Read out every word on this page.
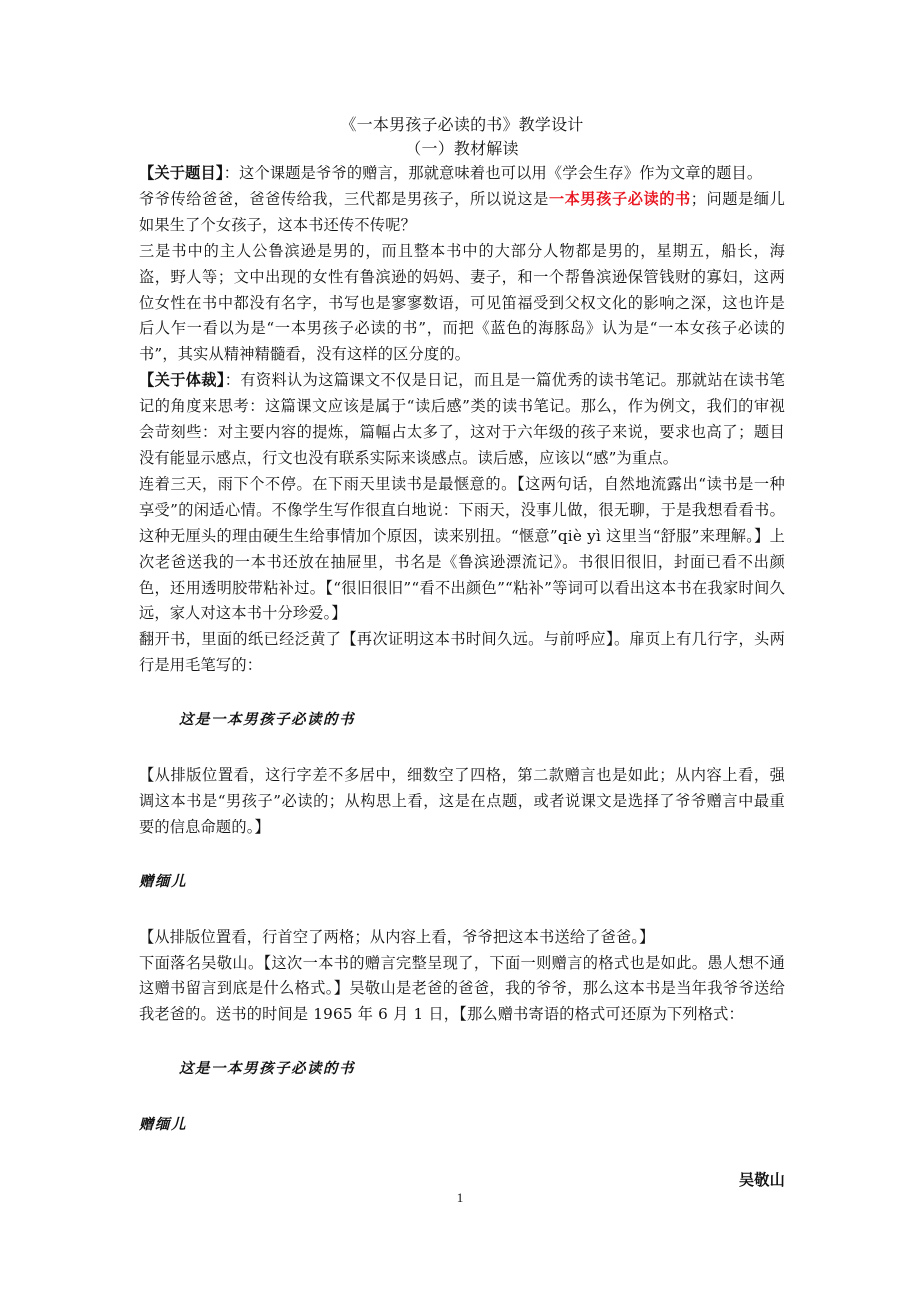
《一本男孩子必读的书》教学设计
（一）教材解读

【关于题目】：这个课题是爷爷的赠言，那就意味着也可以用《学会生存》作为文章的题目。

爷爷传给爸爸，爸爸传给我，三代都是男孩子，所以说这是一本男孩子必读的书；问题是缅儿如果生了个女孩子，这本书还传不传呢？

三是书中的主人公鲁滨逊是男的，而且整本书中的大部分人物都是男的，星期五，船长，海盗，野人等；文中出现的女性有鲁滨逊的妈妈、妻子，和一个帮鲁滨逊保管钱财的寡妇，这两位女性在书中都没有名字，书写也是寥寥数语，可见笛福受到父权文化的影响之深，这也许是后人乍一看以为是“一本男孩子必读的书”，而把《蓝色的海豚岛》认为是“一本女孩子必读的书”，其实从精神精髓看，没有这样的区分度的。

【关于体裁】：有资料认为这篇课文不仅是日记，而且是一篇优秀的读书笔记。那就站在读书笔记的角度来思考：这篇课文应该是属于“读后感”类的读书笔记。那么，作为例文，我们的审视会苛刻些：对主要内容的提炼，篇幅占太多了，这对于六年级的孩子来说，要求也高了；题目没有能显示感点，行文也没有联系实际来谈感点。读后感，应该以“感”为重点。

连着三天，雨下个不停。在下雨天里读书是最惬意的。【这两句话，自然地流露出“读书是一种享受”的闲适心情。不像学生写作很直白地说：下雨天，没事儿做，很无聊，于是我想看看书。这种无厘头的理由硬生生给事情加个原因，读来别扭。“惬意”qiè yì 这里当“舒服”来理解。】上次老爸送我的一本书还放在抽屉里，书名是《鲁滨逊漂流记》。书很旧很旧，封面已看不出颜色，还用透明胶带粘补过。【“很旧很旧”“看不出颜色”“粘补”等词可以看出这本书在我家时间久远，家人对这本书十分珍爱。】

翻开书，里面的纸已经泛黄了【再次证明这本书时间久远。与前呼应】。扉页上有几行字，头两行是用毛笔写的：

这是一本男孩子必读的书

【从排版位置看，这行字差不多居中，细数空了四格，第二款赠言也是如此；从内容上看，强调这本书是“男孩子”必读的；从构思上看，这是在点题，或者说课文是选择了爷爷赠言中最重要的信息命题的。】

赠缅儿

【从排版位置看，行首空了两格；从内容上看，爷爷把这本书送给了爸爸。】

下面落名吴敬山。【这次一本书的赠言完整呈现了，下面一则赠言的格式也是如此。愚人想不通这赠书留言到底是什么格式。】吴敬山是老爸的爸爸，我的爷爷，那么这本书是当年我爷爷送给我老爸的。送书的时间是 1965 年 6 月 1 日，【那么赠书寄语的格式可还原为下列格式：

这是一本男孩子必读的书

赠缅儿

吴敬山

1
